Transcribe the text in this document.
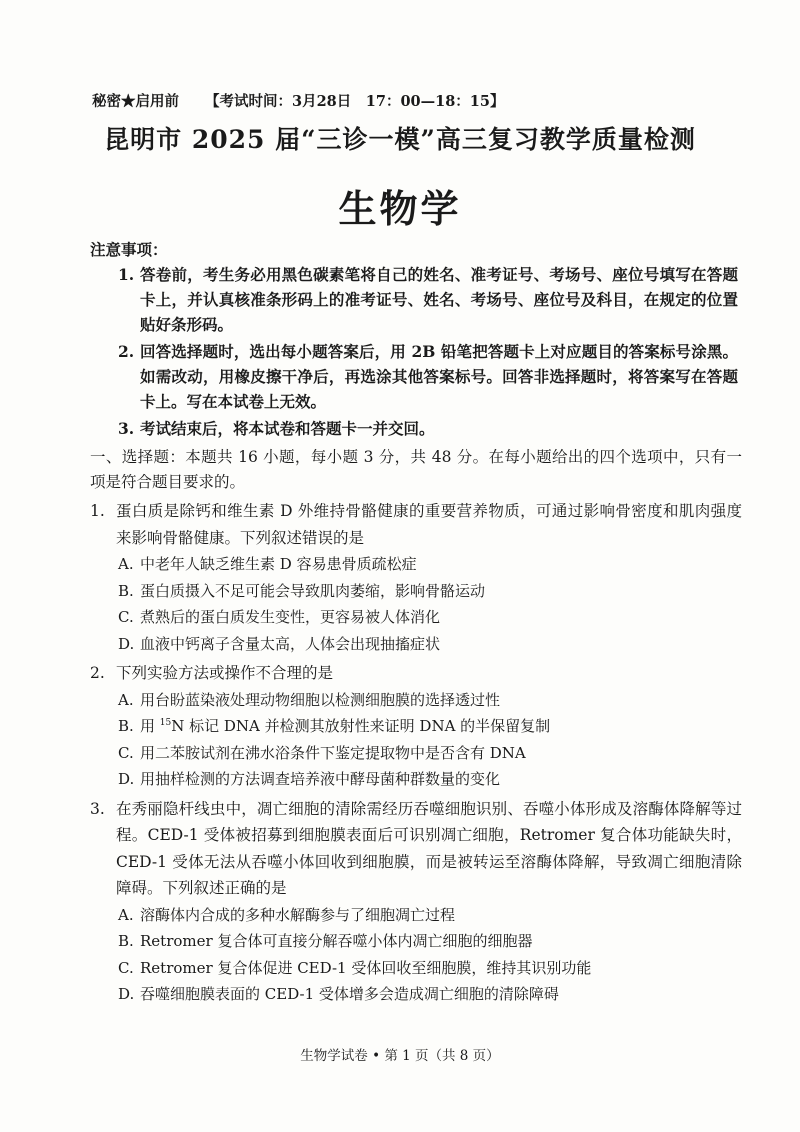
秘密★启用前 【考试时间：3月28日　17：00—18：15】
昆明市 2025 届“三诊一模”高三复习教学质量检测
生物学
注意事项：
1. 答卷前，考生务必用黑色碳素笔将自己的姓名、准考证号、考场号、座位号填写在答题卡上，并认真核准条形码上的准考证号、姓名、考场号、座位号及科目，在规定的位置贴好条形码。
2. 回答选择题时，选出每小题答案后，用 2B 铅笔把答题卡上对应题目的答案标号涂黑。如需改动，用橡皮擦干净后，再选涂其他答案标号。回答非选择题时，将答案写在答题卡上。写在本试卷上无效。
3. 考试结束后，将本试卷和答题卡一并交回。
一、选择题：本题共 16 小题，每小题 3 分，共 48 分。在每小题给出的四个选项中，只有一项是符合题目要求的。
1. 蛋白质是除钙和维生素 D 外维持骨骼健康的重要营养物质，可通过影响骨密度和肌肉强度来影响骨骼健康。下列叙述错误的是
A. 中老年人缺乏维生素 D 容易患骨质疏松症
B. 蛋白质摄入不足可能会导致肌肉萎缩，影响骨骼运动
C. 煮熟后的蛋白质发生变性，更容易被人体消化
D. 血液中钙离子含量太高，人体会出现抽搐症状
2. 下列实验方法或操作不合理的是
A. 用台盼蓝染液处理动物细胞以检测细胞膜的选择透过性
B. 用 $^{15}$N 标记 DNA 并检测其放射性来证明 DNA 的半保留复制
C. 用二苯胺试剂在沸水浴条件下鉴定提取物中是否含有 DNA
D. 用抽样检测的方法调查培养液中酵母菌种群数量的变化
3. 在秀丽隐杆线虫中，凋亡细胞的清除需经历吞噬细胞识别、吞噬小体形成及溶酶体降解等过程。CED-1 受体被招募到细胞膜表面后可识别凋亡细胞，Retromer 复合体功能缺失时，CED-1 受体无法从吞噬小体回收到细胞膜，而是被转运至溶酶体降解，导致凋亡细胞清除障碍。下列叙述正确的是
A. 溶酶体内合成的多种水解酶参与了细胞凋亡过程
B. Retromer 复合体可直接分解吞噬小体内凋亡细胞的细胞器
C. Retromer 复合体促进 CED-1 受体回收至细胞膜，维持其识别功能
D. 吞噬细胞膜表面的 CED-1 受体增多会造成凋亡细胞的清除障碍
生物学试卷 • 第 1 页（共 8 页）
